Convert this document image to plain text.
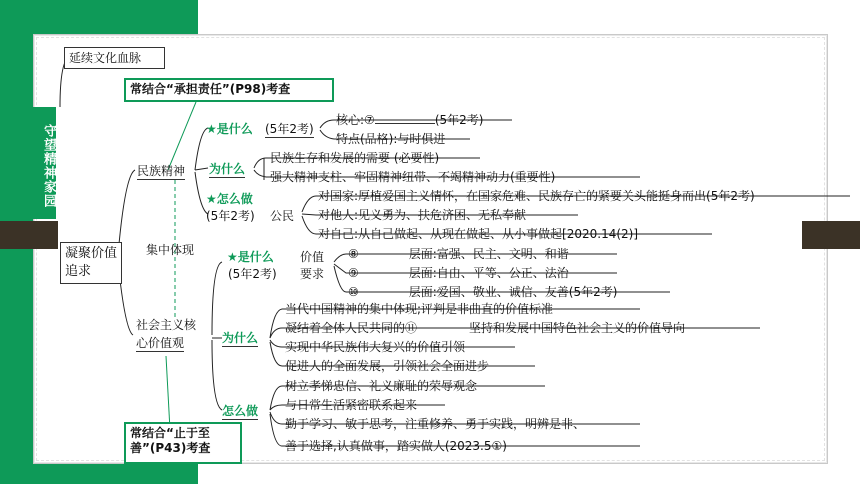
守望精神家园
延续文化血脉
常结合“承担责任”(P98)考查
凝聚价值追求
集中体现
民族精神
★是什么 (5年2考)
核心:⑦	(5年2考)
特点(品格):与时俱进
为什么
民族生存和发展的需要 (必要性)
强大精神支柱、牢固精神纽带、不竭精神动力(重要性)
★怎么做
(5年2考) 公民
对国家:厚植爱国主义情怀，在国家危难、民族存亡的紧要关头能挺身而出(5年2考)
对他人:见义勇为、扶危济困、无私奉献
对自己:从自己做起、从现在做起、从小事做起[2020.14(2)]
社会主义核
心价值观
★是什么
(5年2考)
价值
要求
⑧	层面:富强、民主、文明、和谐
⑨	层面:自由、平等、公正、法治
⑩	层面:爱国、敬业、诚信、友善(5年2考)
为什么
当代中国精神的集中体现;评判是非曲直的价值标准
凝结着全体人民共同的⑪	坚持和发展中国特色社会主义的价值导向
实现中华民族伟大复兴的价值引领
促进人的全面发展，引领社会全面进步
怎么做
树立孝悌忠信、礼义廉耻的荣辱观念
与日常生活紧密联系起来
勤于学习、敏于思考，注重修养、勇于实践，明辨是非、
善于选择,认真做事，踏实做人(2023.5①)
常结合“止于至善”(P43)考查
